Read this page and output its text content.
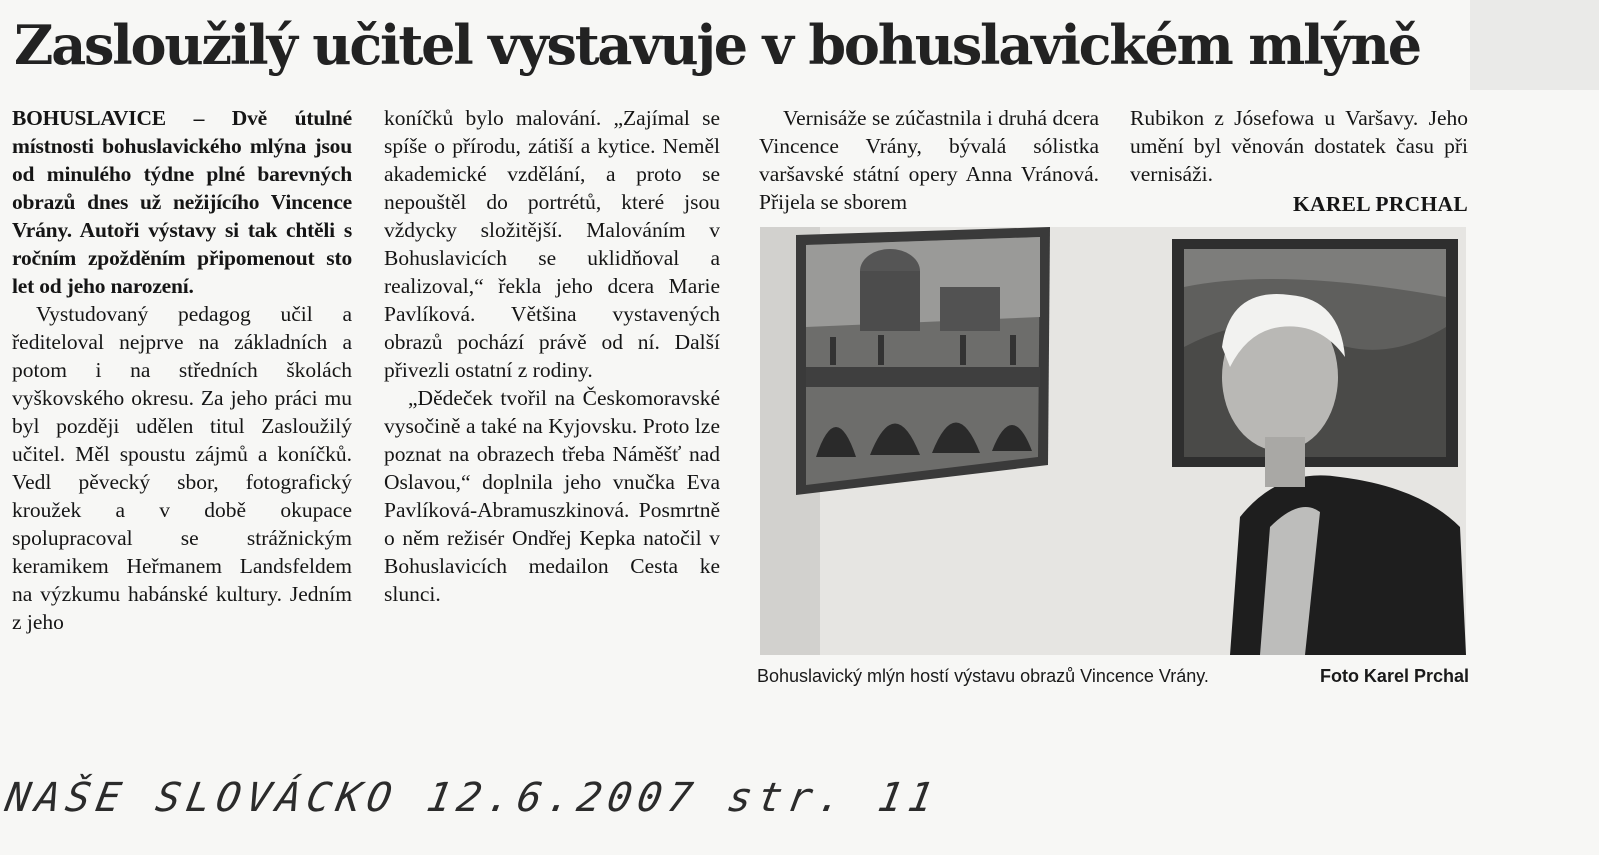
Zasloužilý učitel vystavuje v bohuslavickém mlýně

BOHUSLAVICE – Dvě útulné místnosti bohuslavického mlýna jsou od minulého týdne plné barevných obrazů dnes už nežijícího Vincence Vrány. Autoři výstavy si tak chtěli s ročním zpožděním připomenout sto let od jeho narození.

Vystudovaný pedagog učil a řediteloval nejprve na základních a potom i na středních školách vyškovského okresu. Za jeho práci mu byl později udělen titul Zasloužilý učitel. Měl spoustu zájmů a koníčků. Vedl pěvecký sbor, fotografický kroužek a v době okupace spolupracoval se strážnickým keramikem Heřmanem Landsfeldem na výzkumu habánské kultury. Jedním z jeho

koníčků bylo malování. „Zajímal se spíše o přírodu, zátiší a kytice. Neměl akademické vzdělání, a proto se nepouštěl do portrétů, které jsou vždycky složitější. Malováním v Bohuslavicích se uklidňoval a realizoval,“ řekla jeho dcera Marie Pavlíková. Většina vystavených obrazů pochází právě od ní. Další přivezli ostatní z rodiny.

„Dědeček tvořil na Českomoravské vysočině a také na Kyjovsku. Proto lze poznat na obrazech třeba Náměšť nad Oslavou,“ doplnila jeho vnučka Eva Pavlíková-Abramuszkinová. Posmrtně o něm režisér Ondřej Kepka natočil v Bohuslavicích medailon Cesta ke slunci.

Vernisáže se zúčastnila i druhá dcera Vincence Vrány, bývalá sólistka varšavské státní opery Anna Vránová. Přijela se sborem

Rubikon z Jósefowa u Varšavy. Jeho umění byl věnován dostatek času při vernisáži.

KAREL PRCHAL
Bohuslavický mlýn hostí výstavu obrazů Vincence Vrány.	Foto Karel Prchal
NAŠE SLOVÁCKO 12.6.2007 str. 11
